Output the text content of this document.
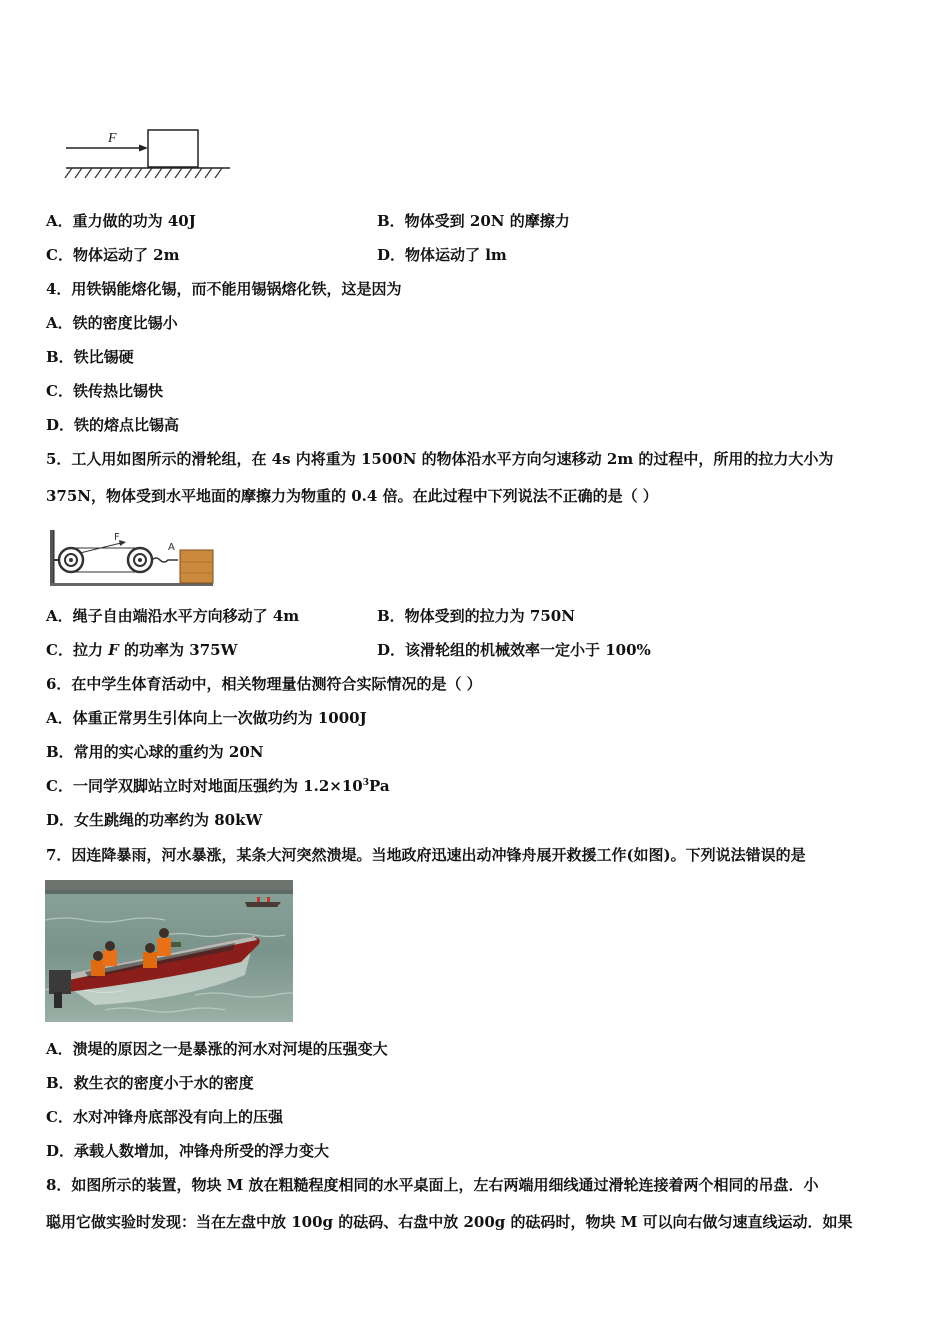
F
A．重力做的功为 40J	B．物体受到 20N 的摩擦力
C．物体运动了 2m	D．物体运动了 lm
4．用铁锅能熔化锡，而不能用锡锅熔化铁，这是因为
A．铁的密度比锡小
B．铁比锡硬
C．铁传热比锡快
D．铁的熔点比锡高
5．工人用如图所示的滑轮组，在 4s 内将重为 1500N 的物体沿水平方向匀速移动 2m 的过程中，所用的拉力大小为
375N，物体受到水平地面的摩擦力为物重的 0.4 倍。在此过程中下列说法不正确的是（ ）
F
A
A．绳子自由端沿水平方向移动了 4m	B．物体受到的拉力为 750N
C．拉力 F 的功率为 375W	D．该滑轮组的机械效率一定小于 100%
6．在中学生体育活动中，相关物理量估测符合实际情况的是（ ）
A．体重正常男生引体向上一次做功约为 1000J
B．常用的实心球的重约为 20N
C．一同学双脚站立时对地面压强约为 $1.2\times 10^3Pa$
D．女生跳绳的功率约为 80kW
7．因连降暴雨，河水暴涨，某条大河突然溃堤。当地政府迅速出动冲锋舟展开救援工作(如图)。下列说法错误的是
A．溃堤的原因之一是暴涨的河水对河堤的压强变大
B．救生衣的密度小于水的密度
C．水对冲锋舟底部没有向上的压强
D．承载人数增加，冲锋舟所受的浮力变大
8．如图所示的装置，物块 M 放在粗糙程度相同的水平桌面上，左右两端用细线通过滑轮连接着两个相同的吊盘．小
聪用它做实验时发现：当在左盘中放 100g 的砝码、右盘中放 200g 的砝码时，物块 M 可以向右做匀速直线运动．如果
